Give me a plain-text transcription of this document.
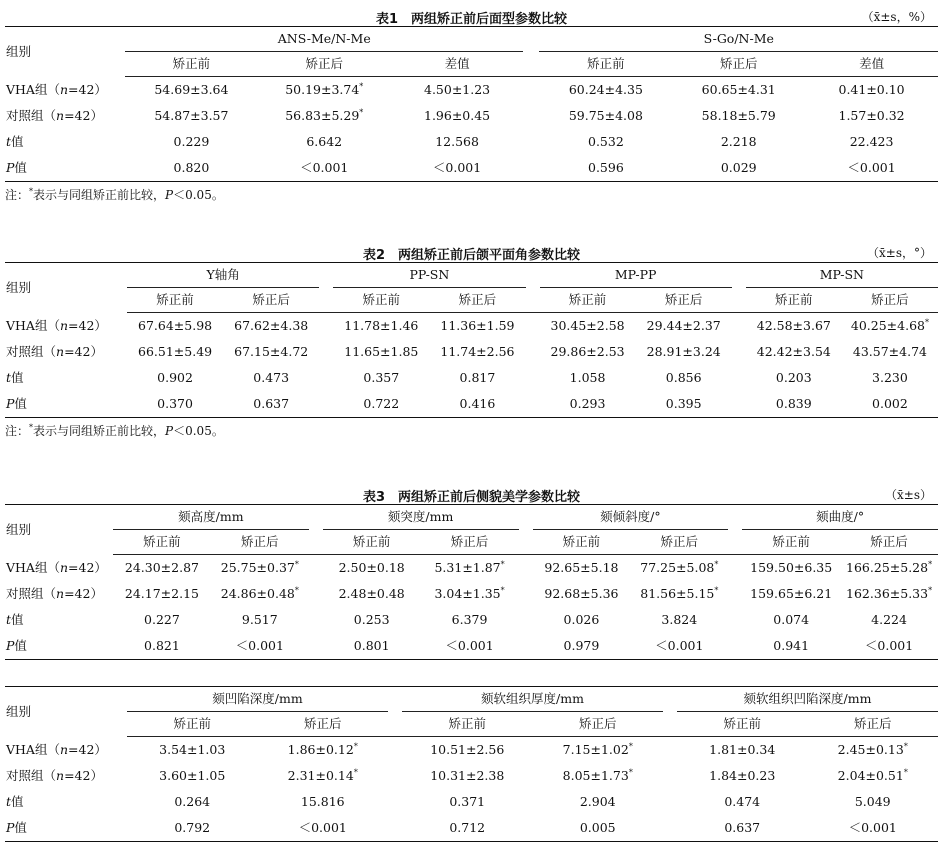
表1　两组矫正前后面型参数比较	（x̄±s，%）
组别	ANS-Me/N-Me				S-Go/N-Me		
	矫正前	矫正后	差值		矫正前	矫正后	差值
VHA组（n=42）	54.69±3.64	50.19±3.74*	4.50±1.23		60.24±4.35	60.65±4.31	0.41±0.10
对照组（n=42）	54.87±3.57	56.83±5.29*	1.96±0.45		59.75±4.08	58.18±5.79	1.57±0.32
t值	0.229	6.642	12.568		0.532	2.218	22.423
P值	0.820	＜0.001	＜0.001		0.596	0.029	＜0.001
注：*表示与同组矫正前比较，P＜0.05。
表2　两组矫正前后颌平面角参数比较	（x̄±s，°）
组别	Y轴角			PP-SN			MP-PP			MP-SN	
	矫正前	矫正后		矫正前	矫正后		矫正前	矫正后		矫正前	矫正后
VHA组（n=42）	67.64±5.98	67.62±4.38		11.78±1.46	11.36±1.59		30.45±2.58	29.44±2.37		42.58±3.67	40.25±4.68*
对照组（n=42）	66.51±5.49	67.15±4.72		11.65±1.85	11.74±2.56		29.86±2.53	28.91±3.24		42.42±3.54	43.57±4.74
t值	0.902	0.473		0.357	0.817		1.058	0.856		0.203	3.230
P值	0.370	0.637		0.722	0.416		0.293	0.395		0.839	0.002
注：*表示与同组矫正前比较，P＜0.05。
表3　两组矫正前后侧貌美学参数比较	（x̄±s）
组别	颏高度/mm			颏突度/mm			颏倾斜度/°			颏曲度/°	
	矫正前	矫正后		矫正前	矫正后		矫正前	矫正后		矫正前	矫正后
VHA组（n=42）	24.30±2.87	25.75±0.37*		2.50±0.18	5.31±1.87*		92.65±5.18	77.25±5.08*		159.50±6.35	166.25±5.28*
对照组（n=42）	24.17±2.15	24.86±0.48*		2.48±0.48	3.04±1.35*		92.68±5.36	81.56±5.15*		159.65±6.21	162.36±5.33*
t值	0.227	9.517		0.253	6.379		0.026	3.824		0.074	4.224
P值	0.821	＜0.001		0.801	＜0.001		0.979	＜0.001		0.941	＜0.001
组别	颏凹陷深度/mm			颏软组织厚度/mm			颏软组织凹陷深度/mm	
	矫正前	矫正后		矫正前	矫正后		矫正前	矫正后
VHA组（n=42）	3.54±1.03	1.86±0.12*		10.51±2.56	7.15±1.02*		1.81±0.34	2.45±0.13*
对照组（n=42）	3.60±1.05	2.31±0.14*		10.31±2.38	8.05±1.73*		1.84±0.23	2.04±0.51*
t值	0.264	15.816		0.371	2.904		0.474	5.049
P值	0.792	＜0.001		0.712	0.005		0.637	＜0.001
